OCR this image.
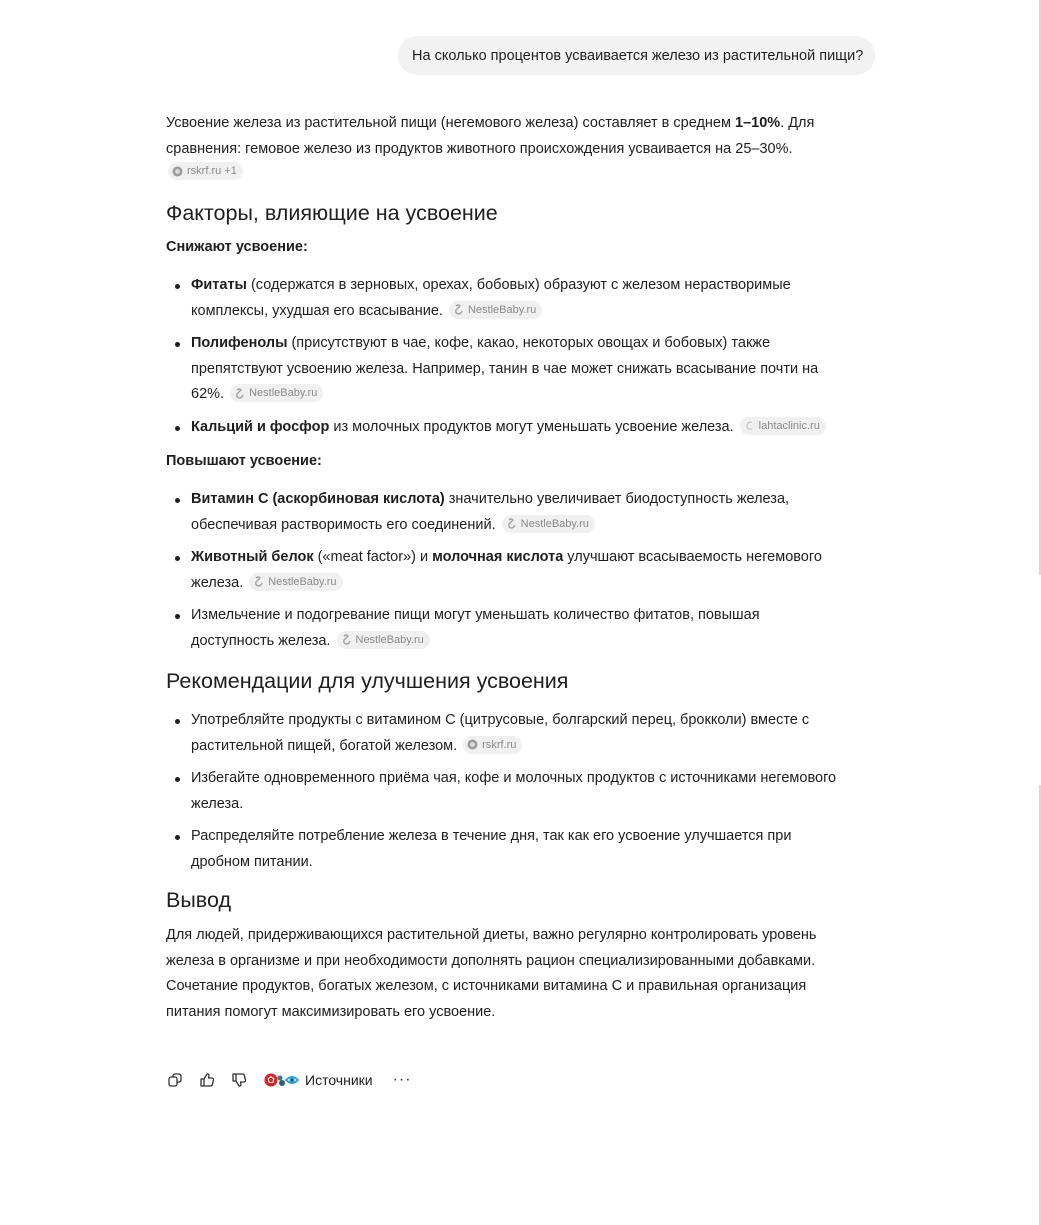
На сколько процентов усваивается железо из растительной пищи?

Усвоение железа из растительной пищи (негемового железа) составляет в среднем 1–10%. Для сравнения: гемовое железо из продуктов животного происхождения усваивается на 25–30%.

rskrf.ru +1
Факторы, влияющие на усвоение
Снижают усвоение:
Фитаты (содержатся в зерновых, орехах, бобовых) образуют с железом нерастворимые комплексы, ухудшая его всасывание. NestleBaby.ru
Полифенолы (присутствуют в чае, кофе, какао, некоторых овощах и бобовых) также препятствуют усвоению железа. Например, танин в чае может снижать всасывание почти на 62%. NestleBaby.ru
Кальций и фосфор из молочных продуктов могут уменьшать усвоение железа. lahtaclinic.ru
Повышают усвоение:
Витамин С (аскорбиновая кислота) значительно увеличивает биодоступность железа, обеспечивая растворимость его соединений. NestleBaby.ru
Животный белок («meat factor») и молочная кислота улучшают всасываемость негемового железа. NestleBaby.ru
Измельчение и подогревание пищи могут уменьшать количество фитатов, повышая доступность железа. NestleBaby.ru
Рекомендации для улучшения усвоения
Употребляйте продукты с витамином С (цитрусовые, болгарский перец, брокколи) вместе с растительной пищей, богатой железом. rskrf.ru
Избегайте одновременного приёма чая, кофе и молочных продуктов с источниками негемового железа.
Распределяйте потребление железа в течение дня, так как его усвоение улучшается при дробном питании.
Вывод

Для людей, придерживающихся растительной диеты, важно регулярно контролировать уровень железа в организме и при необходимости дополнять рацион специализированными добавками. Сочетание продуктов, богатых железом, с источниками витамина С и правильная организация питания помогут максимизировать его усвоение.

Источники ···
